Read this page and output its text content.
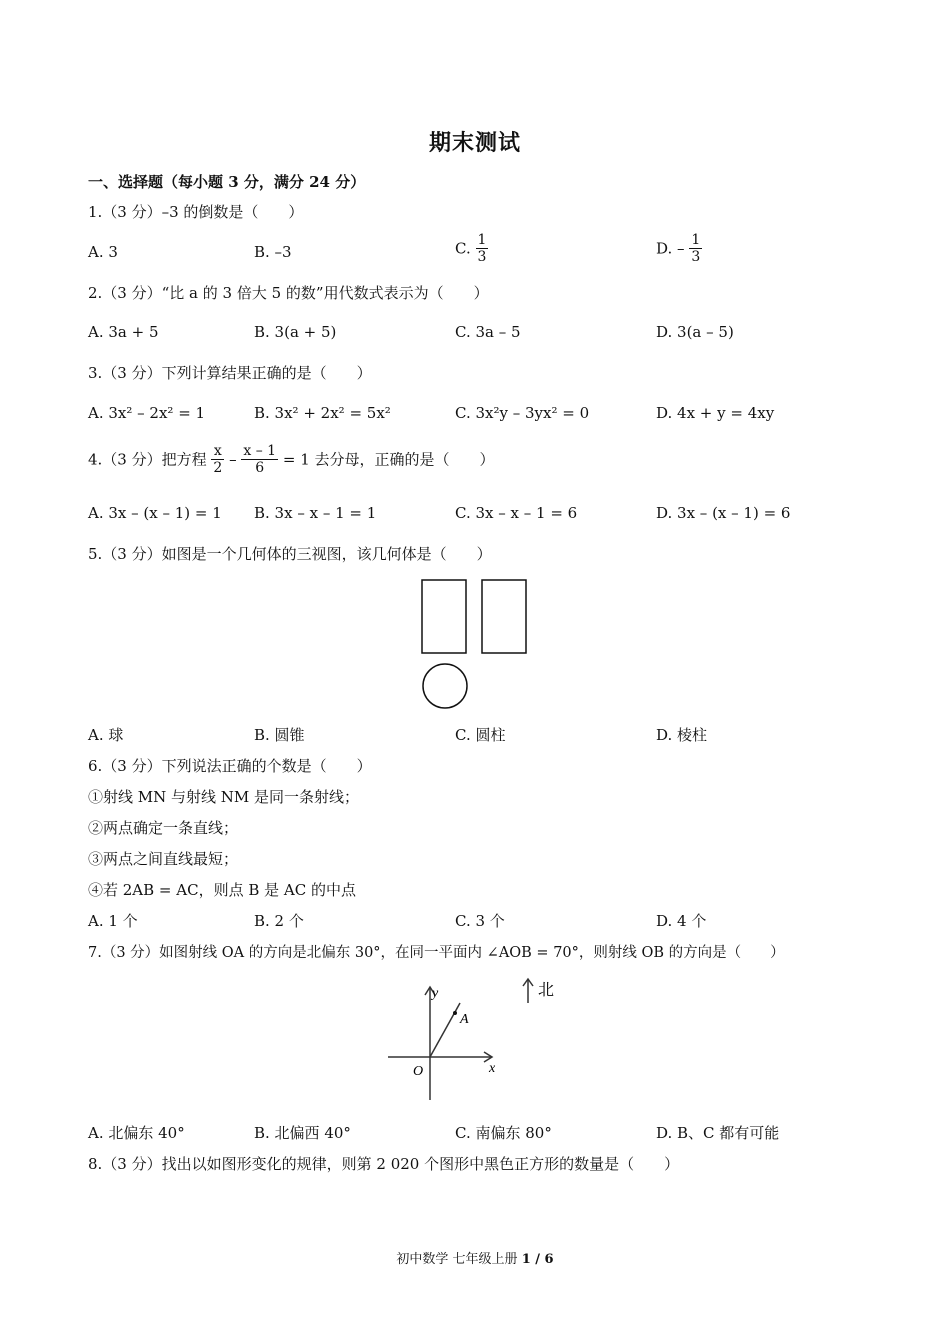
期末测试
一、选择题（每小题 3 分，满分 24 分）
1.（3 分）–3 的倒数是（　　）
A. 3	B. –3	C. $\frac{1}{3}$	D. – $\frac{1}{3}$
2.（3 分）“比 a 的 3 倍大 5 的数”用代数式表示为（　　）
A. 3a + 5	B. 3(a + 5)	C. 3a – 5	D. 3(a – 5)
3.（3 分）下列计算结果正确的是（　　）
A. 3x² – 2x² = 1	B. 3x² + 2x² = 5x²	C. 3x²y – 3yx² = 0	D. 4x + y = 4xy
4.（3 分）把方程 $\frac{x}{2} - \frac{x - 1}{6} = 1$ 去分母，正确的是（　　）
A. 3x – (x – 1) = 1 B. 3x – x – 1 = 1	C. 3x – x – 1 = 6	D. 3x – (x – 1) = 6
5.（3 分）如图是一个几何体的三视图，该几何体是（　　）
A. 球	B. 圆锥	C. 圆柱	D. 棱柱
6.（3 分）下列说法正确的个数是（　　）
①射线 MN 与射线 NM 是同一条射线；
②两点确定一条直线；
③两点之间直线最短；
④若 2AB = AC，则点 B 是 AC 的中点
A. 1 个	B. 2 个	C. 3 个	D. 4 个
7.（3 分）如图射线 OA 的方向是北偏东 30°，在同一平面内 ∠AOB = 70°，则射线 OB 的方向是（　　）
y
x
O
A
北
A. 北偏东 40°	B. 北偏西 40°	C. 南偏东 80°	D. B、C 都有可能
8.（3 分）找出以如图形变化的规律，则第 2 020 个图形中黑色正方形的数量是（　　）
初中数学 七年级上册 1 / 6
